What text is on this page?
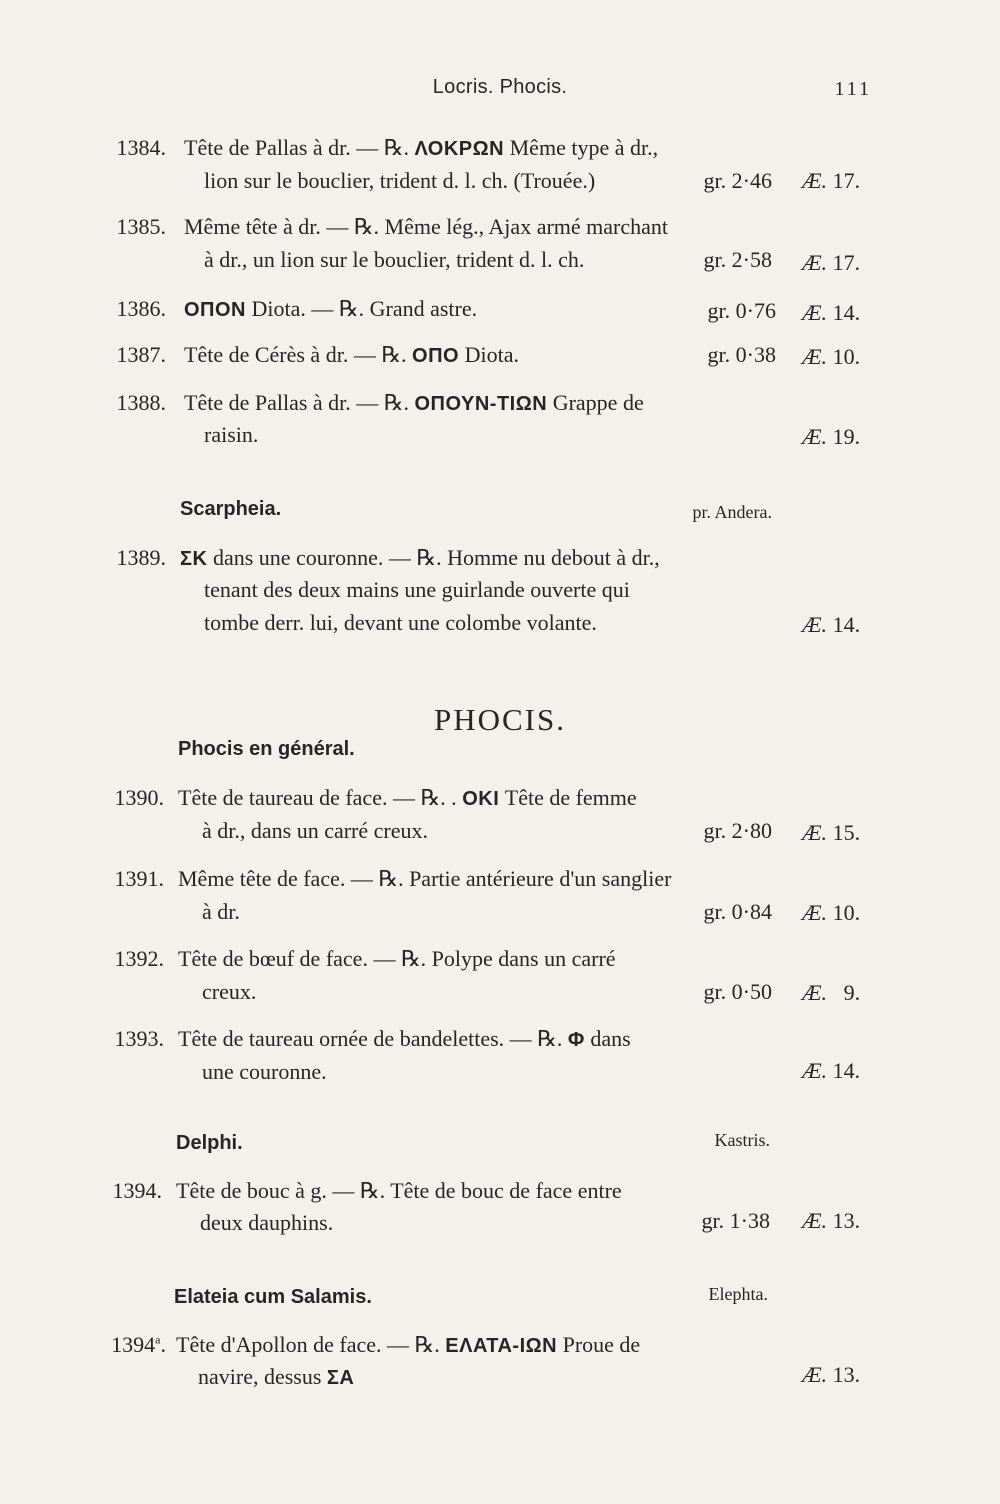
Locris. Phocis.	111
1384. Tête de Pallas à dr. — ℞. ΛΟΚΡΩΝ Même type à dr.,
lion sur le bouclier, trident d. l. ch. (Trouée.)	gr. 2·46 Æ. 17.
1385. Même tête à dr. — ℞. Même lég., Ajax armé marchant
à dr., un lion sur le bouclier, trident d. l. ch.	gr. 2·58 Æ. 17.
1386. ΟΠΟΝ Diota. — ℞. Grand astre.	gr. 0·76 Æ. 14.
1387. Tête de Cérès à dr. — ℞. ΟΠΟ Diota.	gr. 0·38 Æ. 10.
1388. Tête de Pallas à dr. — ℞. ΟΠΟΥΝ-ΤΙΩΝ Grappe de
raisin.	Æ. 19.
Scarpheia.	pr. Andera.
1389. ΣΚ dans une couronne. — ℞. Homme nu debout à dr.,
tenant des deux mains une guirlande ouverte qui
tombe derr. lui, devant une colombe volante.	Æ. 14.
PHOCIS.
Phocis en général.
1390. Tête de taureau de face. — ℞. . ΟΚΙ Tête de femme
à dr., dans un carré creux.	gr. 2·80 Æ. 15.
1391. Même tête de face. — ℞. Partie antérieure d'un sanglier
à dr.	gr. 0·84 Æ. 10.
1392. Tête de bœuf de face. — ℞. Polype dans un carré
creux.	gr. 0·50 Æ. 9.
1393. Tête de taureau ornée de bandelettes. — ℞. Φ dans
une couronne.	Æ. 14.
Delphi.	Kastris.
1394. Tête de bouc à g. — ℞. Tête de bouc de face entre
deux dauphins.	gr. 1·38 Æ. 13.
Elateia cum Salamis.	Elephta.
1394$^a$. Tête d'Apollon de face. — ℞. ΕΛΑΤΑ-ΙΩΝ Proue de
navire, dessus ΣΑ	Æ. 13.
